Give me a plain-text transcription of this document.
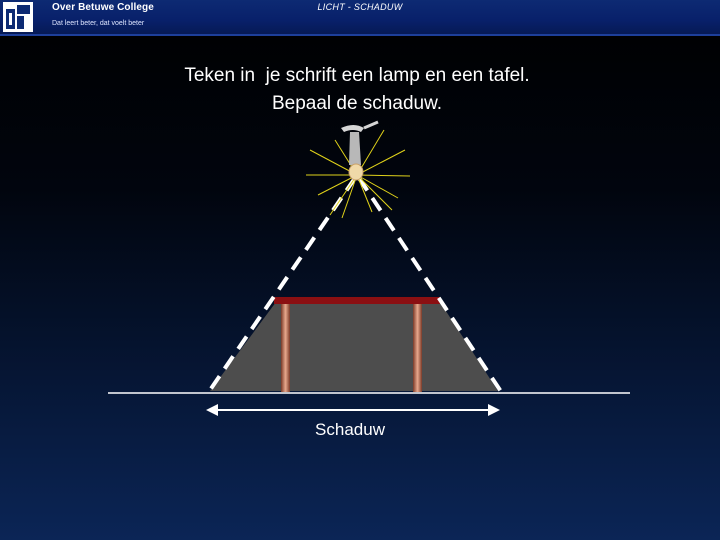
Over Betuwe College
Dat leert beter, dat voelt beter
LICHT - SCHADUW
Teken in  je schrift een lamp en een tafel.
Bepaal de schaduw.
Schaduw
